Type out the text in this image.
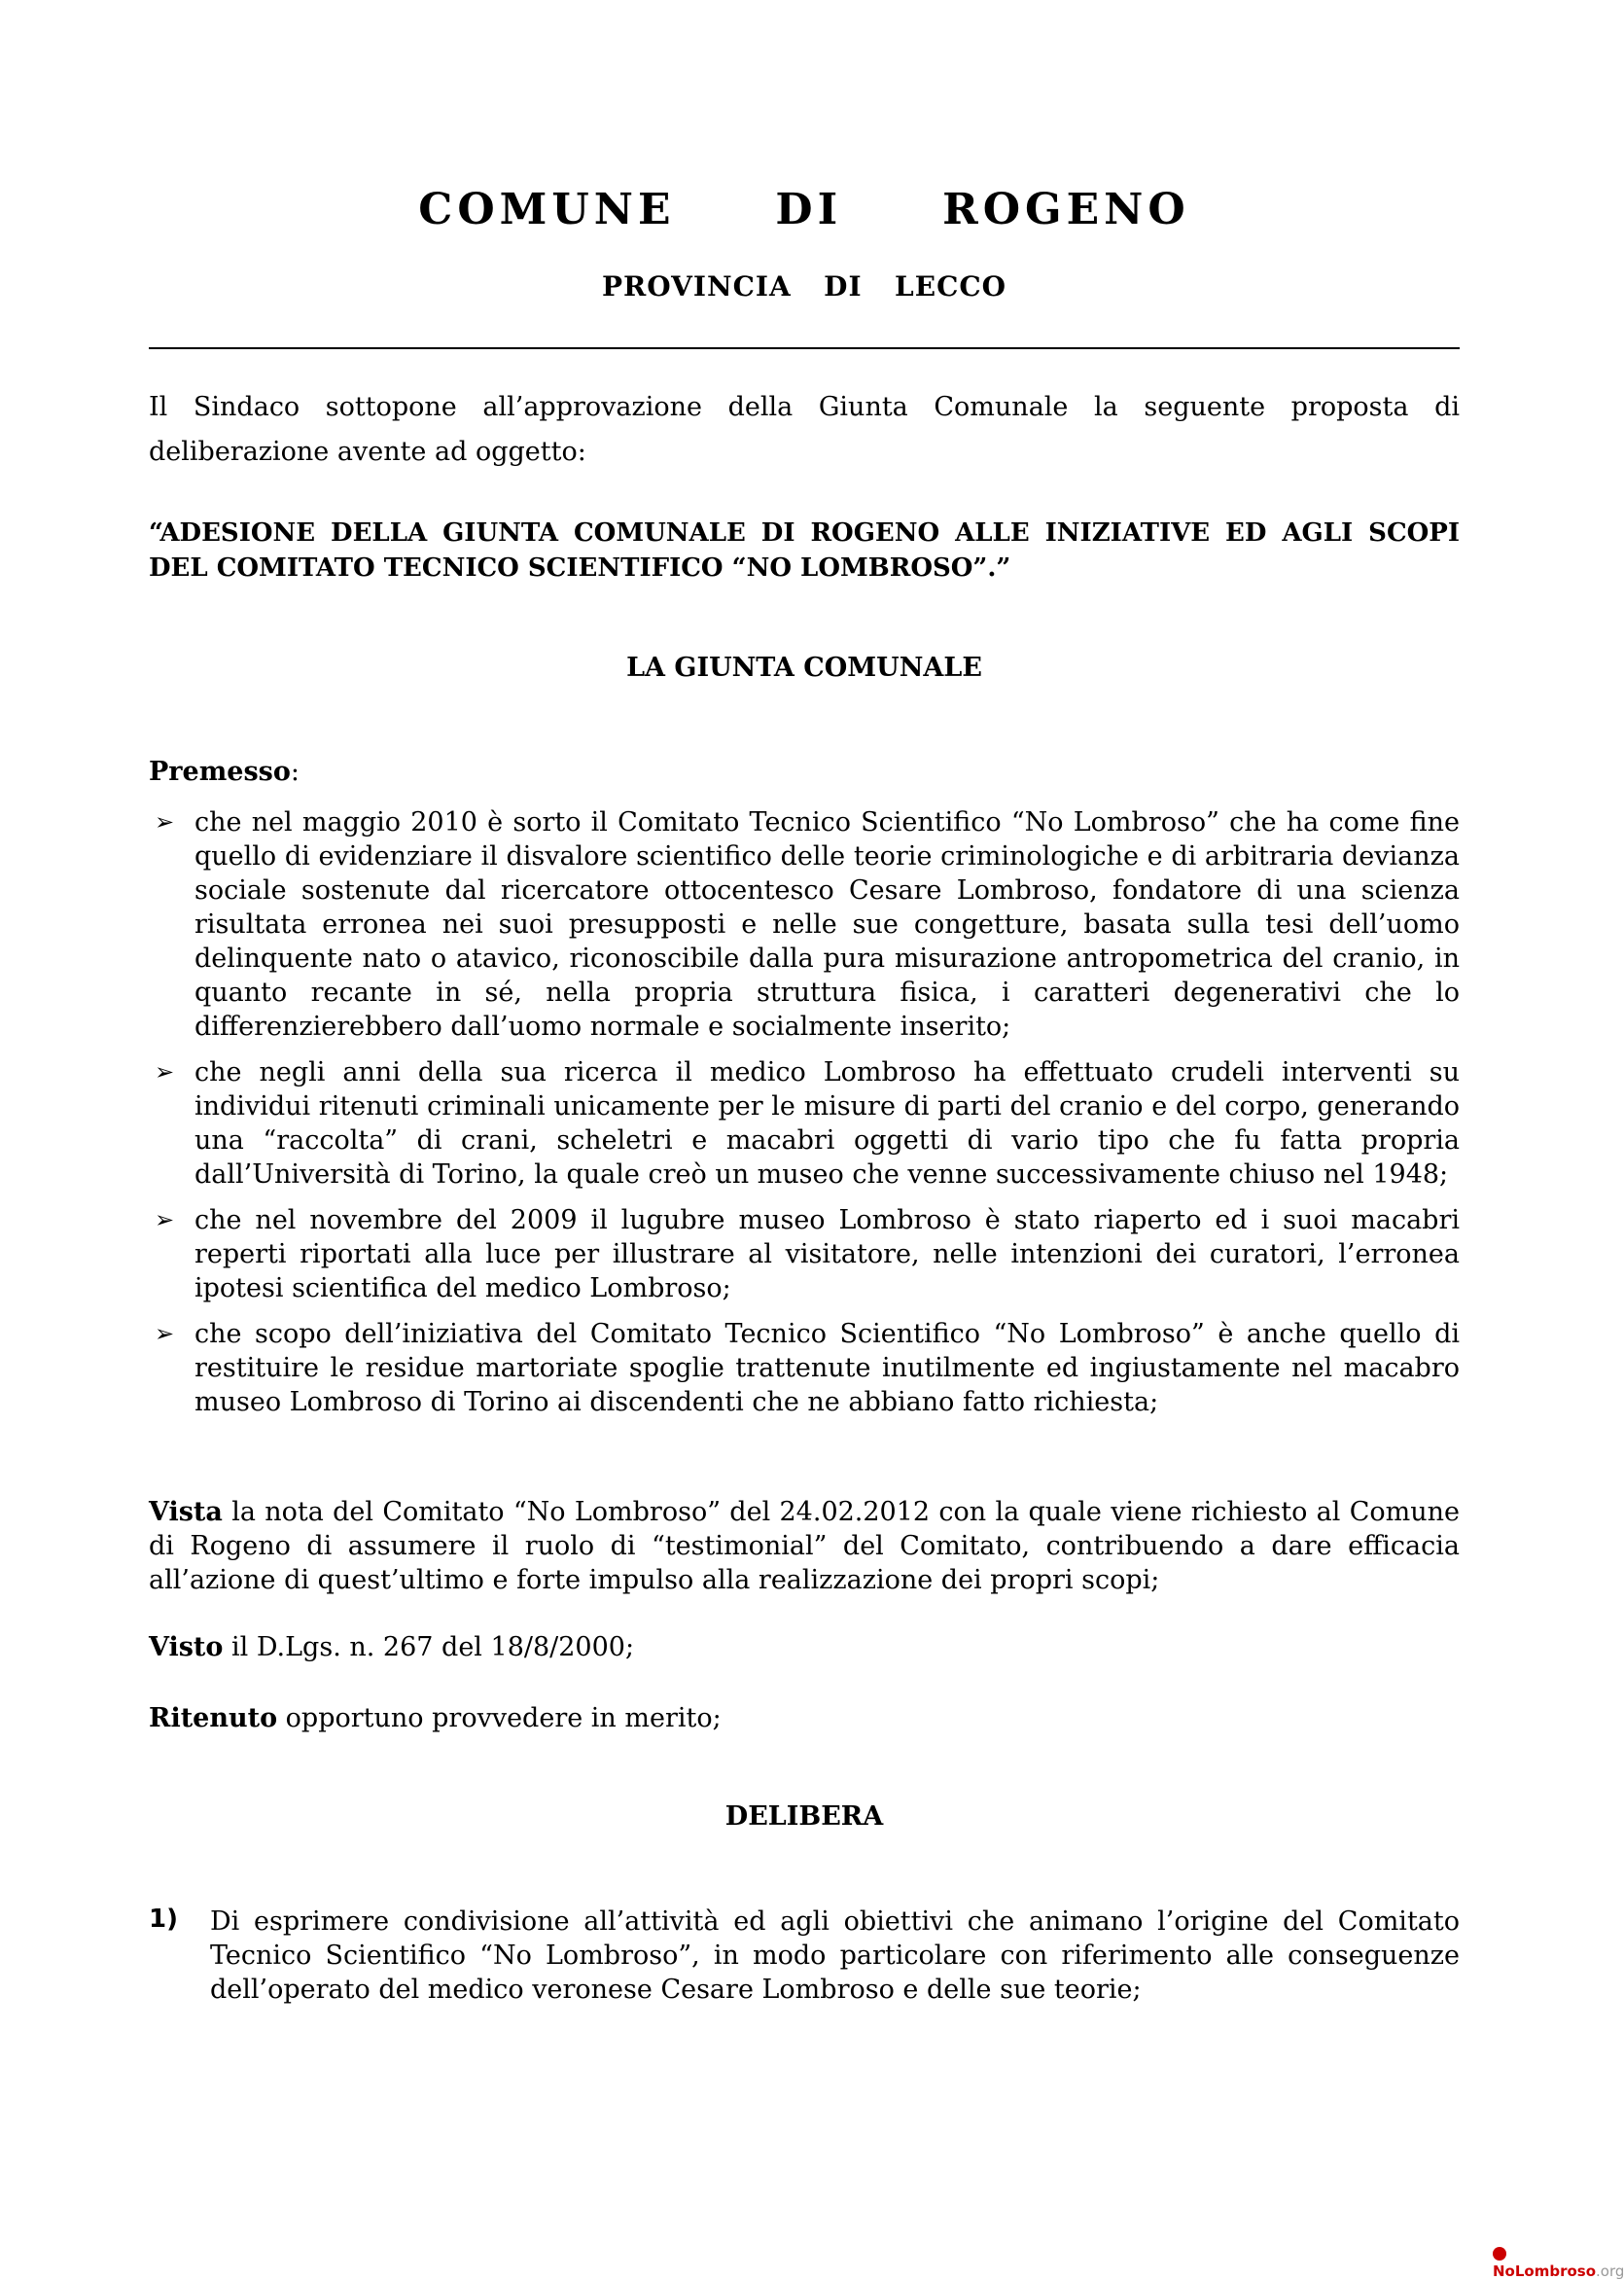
COMUNE   DI   ROGENO
PROVINCIA  DI  LECCO
Il Sindaco sottopone all’approvazione della Giunta Comunale la seguente proposta di deliberazione avente ad oggetto:
“ADESIONE DELLA GIUNTA COMUNALE DI ROGENO ALLE INIZIATIVE ED AGLI SCOPI DEL COMITATO TECNICO SCIENTIFICO “NO LOMBROSO”.”
LA GIUNTA COMUNALE
Premesso:
➢ che nel maggio 2010 è sorto il Comitato Tecnico Scientifico “No Lombroso” che ha come fine quello di evidenziare il disvalore scientifico delle teorie criminologiche e di arbitraria devianza sociale sostenute dal ricercatore ottocentesco Cesare Lombroso, fondatore di una scienza risultata erronea nei suoi presupposti e nelle sue congetture, basata sulla tesi dell’uomo delinquente nato o atavico, riconoscibile dalla pura misurazione antropometrica del cranio, in quanto recante in sé, nella propria struttura fisica, i caratteri degenerativi che lo differenzierebbero dall’uomo normale e socialmente inserito;
➢ che negli anni della sua ricerca il medico Lombroso ha effettuato crudeli interventi su individui ritenuti criminali unicamente per le misure di parti del cranio e del corpo, generando una “raccolta” di crani, scheletri e macabri oggetti di vario tipo che fu fatta propria dall’Università di Torino, la quale creò un museo che venne successivamente chiuso nel 1948;
➢ che nel novembre del 2009 il lugubre museo Lombroso è stato riaperto ed i suoi macabri reperti riportati alla luce per illustrare al visitatore, nelle intenzioni dei curatori, l’erronea ipotesi scientifica del medico Lombroso;
➢ che scopo dell’iniziativa del Comitato Tecnico Scientifico “No Lombroso” è anche quello di restituire le residue martoriate spoglie trattenute inutilmente ed ingiustamente nel macabro museo Lombroso di Torino ai discendenti che ne abbiano fatto richiesta;
Vista la nota del Comitato “No Lombroso” del 24.02.2012 con la quale viene richiesto al Comune di Rogeno di assumere il ruolo di “testimonial” del Comitato, contribuendo a dare efficacia all’azione di quest’ultimo e forte impulso alla realizzazione dei propri scopi;
Visto il D.Lgs. n. 267 del 18/8/2000;
Ritenuto opportuno provvedere in merito;
DELIBERA
1) Di esprimere condivisione all’attività ed agli obiettivi che animano l’origine del Comitato Tecnico Scientifico “No Lombroso”, in modo particolare con riferimento alle conseguenze dell’operato del medico veronese Cesare Lombroso e delle sue teorie;
NoLombroso.org
